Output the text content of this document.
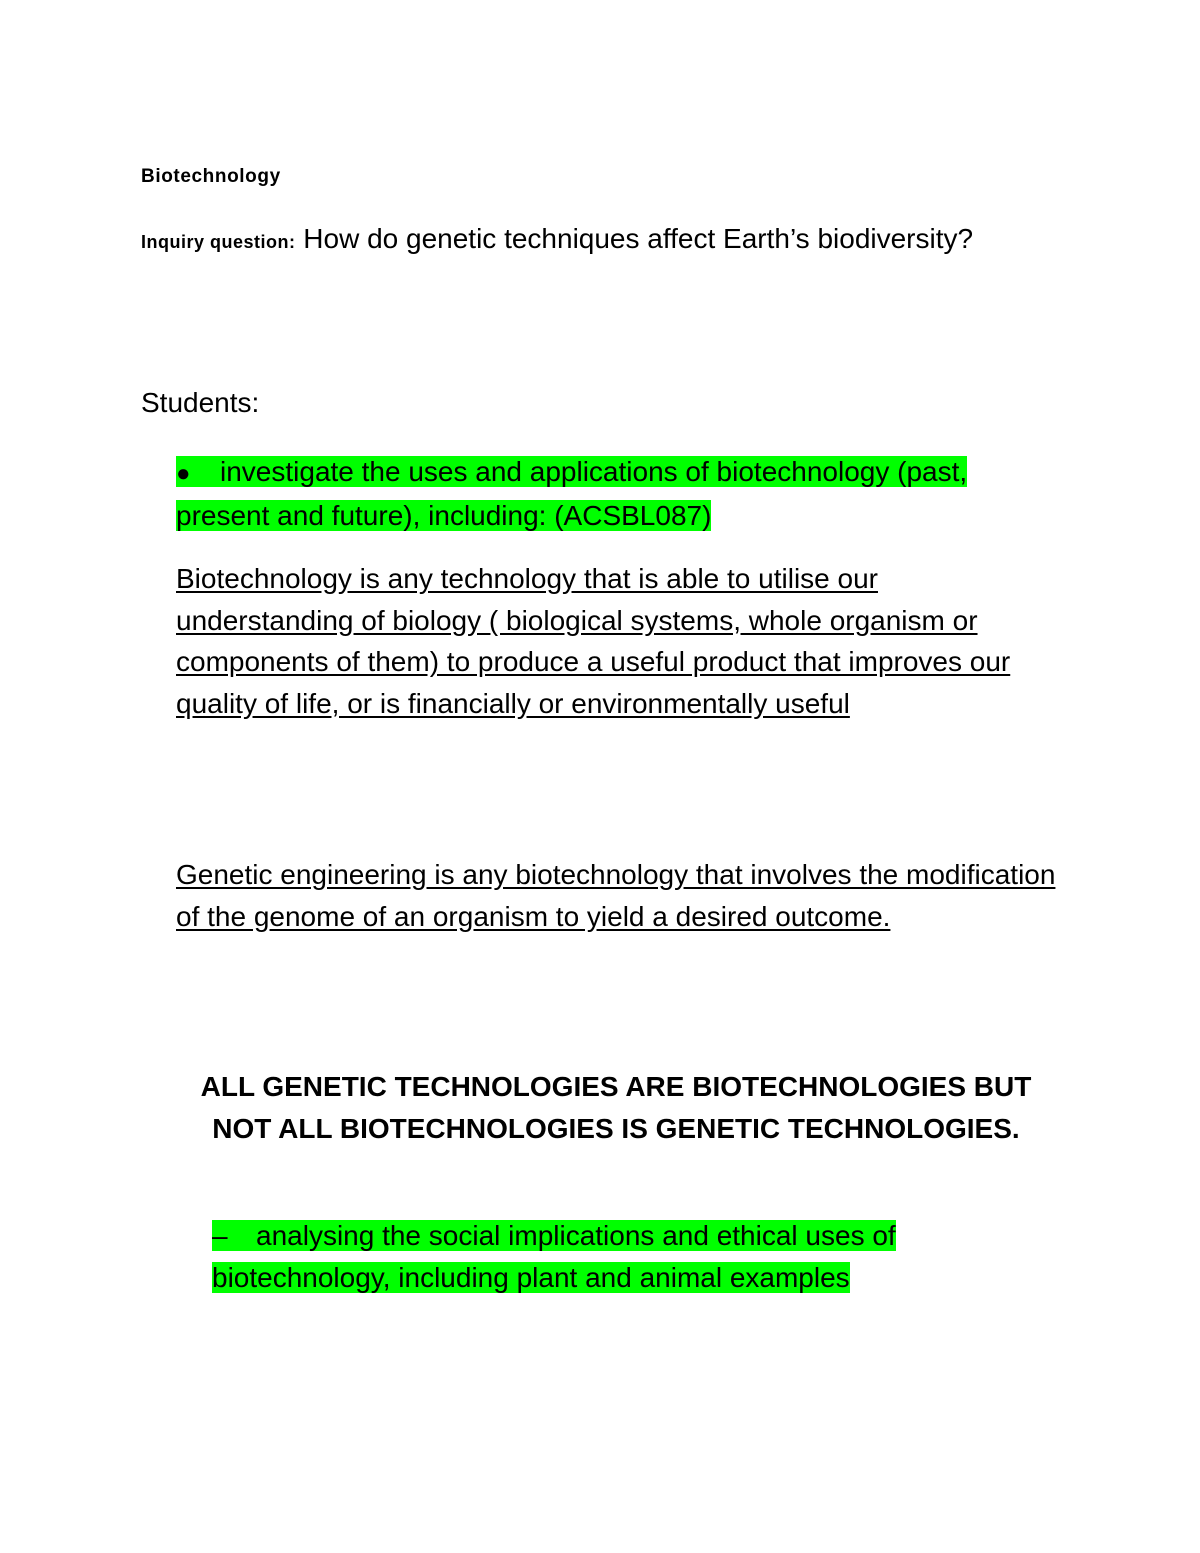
Biotechnology
Inquiry question: How do genetic techniques affect Earth’s biodiversity?
Students:
● investigate the uses and applications of biotechnology (past, present and future), including: (ACSBL087)
Biotechnology is any technology that is able to utilise our understanding of biology ( biological systems, whole organism or components of them) to produce a useful product that improves our quality of life, or is financially or environmentally useful
Genetic engineering is any biotechnology that involves the modification of the genome of an organism to yield a desired outcome.
ALL GENETIC TECHNOLOGIES ARE BIOTECHNOLOGIES BUT NOT ALL BIOTECHNOLOGIES IS GENETIC TECHNOLOGIES.
– analysing the social implications and ethical uses of biotechnology, including plant and animal examples
